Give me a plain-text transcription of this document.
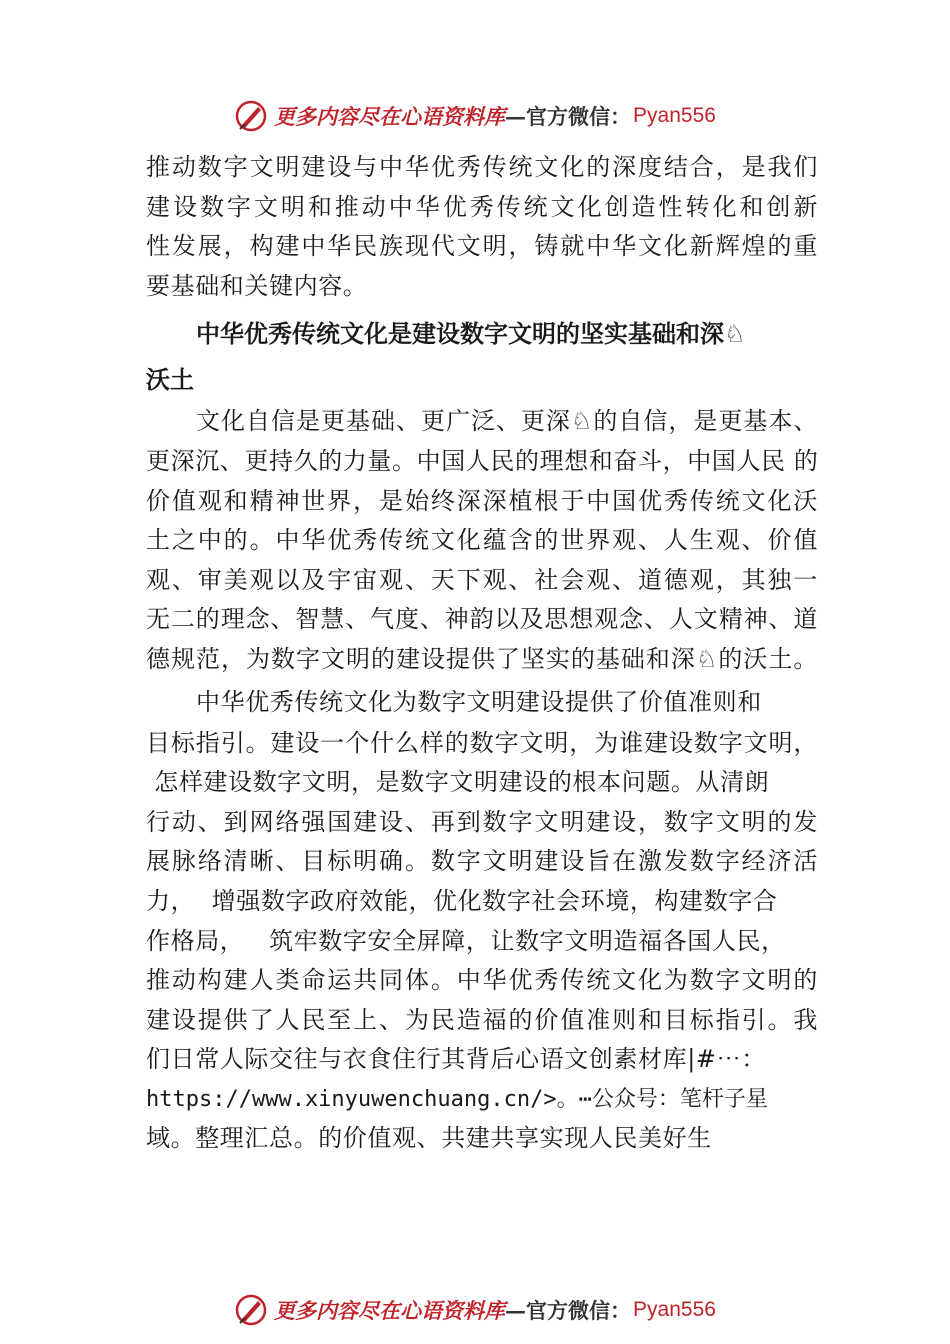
更多内容尽在心语资料库 — 官方微信： Pyan556
推动数字文明建设与中华优秀传统文化的深度结合，是我们
建设数字文明和推动中华优秀传统文化创造性转化和创新
性发展，构建中华民族现代文明，铸就中华文化新辉煌的重
要基础和关键内容。
中华优秀传统文化是建设数字文明的坚实基础和深♘
沃土
文化自信是更基础、更广泛、更深♘的自信，是更基本、
更深沉、更持久的力量。中国人民的理想和奋斗，中国人民 的
价值观和精神世界，是始终深深植根于中国优秀传统文化沃
土之中的。中华优秀传统文化蕴含的世界观、人生观、价值
观、审美观以及宇宙观、天下观、社会观、道德观，其独一
无二的理念、智慧、气度、神韵以及思想观念、人文精神、道
德规范，为数字文明的建设提供了坚实的基础和深♘的沃土。
中华优秀传统文化为数字文明建设提供了价值准则和
目标指引。建设一个什么样的数字文明，为谁建设数字文明，
怎样建设数字文明，是数字文明建设的根本问题。从清朗
行动、到网络强国建设、再到数字文明建设，数字文明的发
展脉络清晰、目标明确。数字文明建设旨在激发数字经济活
力，  增强数字政府效能，优化数字社会环境，构建数字合
作格局，   筑牢数字安全屏障，让数字文明造福各国人民，
推动构建人类命运共同体。中华优秀传统文化为数字文明的
建设提供了人民至上、为民造福的价值准则和目标指引。我
们日常人际交往与衣食住行其背后心语文创素材库|#⋯：
https://www.xinyuwenchuang.cn/>。⋯公众号：笔杆子星
域。整理汇总。的价值观、共建共享实现人民美好生
更多内容尽在心语资料库 — 官方微信： Pyan556
